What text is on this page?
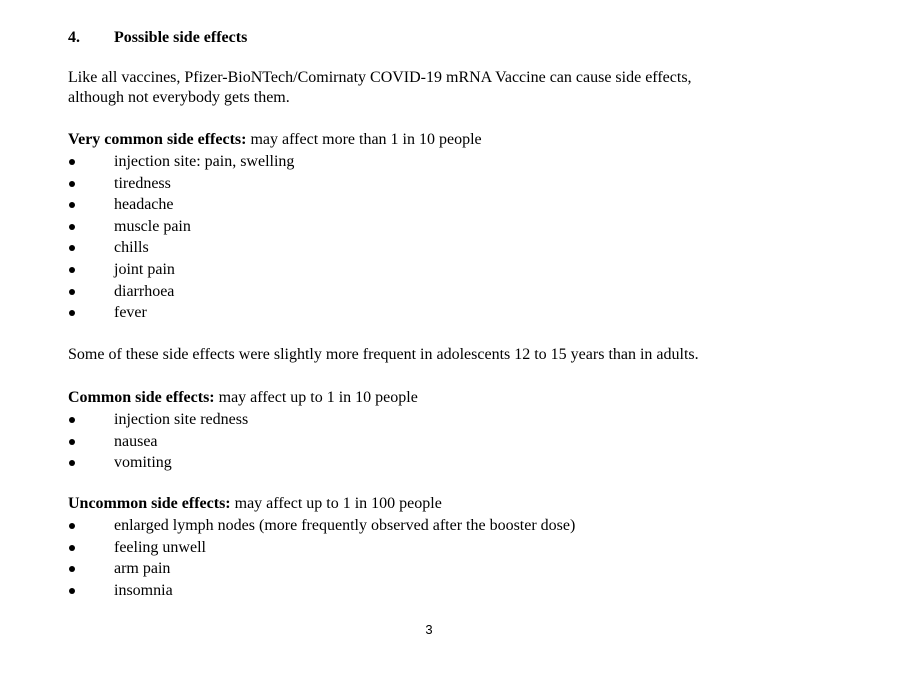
4. Possible side effects
Like all vaccines, Pfizer-BioNTech/Comirnaty COVID-19 mRNA Vaccine can cause side effects,
although not everybody gets them.
Very common side effects: may affect more than 1 in 10 people
injection site: pain, swelling
tiredness
headache
muscle pain
chills
joint pain
diarrhoea
fever
Some of these side effects were slightly more frequent in adolescents 12 to 15 years than in adults.
Common side effects: may affect up to 1 in 10 people
injection site redness
nausea
vomiting
Uncommon side effects: may affect up to 1 in 100 people
enlarged lymph nodes (more frequently observed after the booster dose)
feeling unwell
arm pain
insomnia
3
